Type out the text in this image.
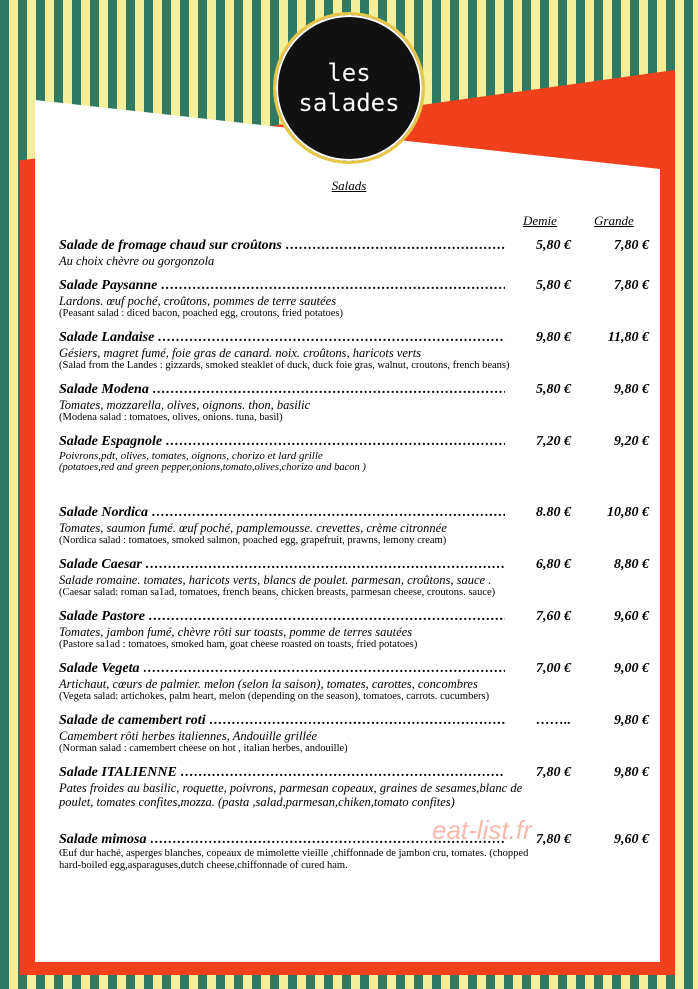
les
salades
Salads
Demie	Grande
Salade de fromage chaud sur croûtons .....	5,80 €	7,80 €
Au choix chèvre ou gorgonzola
Salade Paysanne .....	5,80 €	7,80 €
Lardons. œuf poché, croûtons, pommes de terre sautées
(Peasant salad : diced bacon, poached egg, croutons, fried potatoes)
Salade Landaise .....	9,80 €	11,80 €
Gésiers, magret fumé, foie gras de canard. noix. croûtons, haricots verts
(Salad from the Landes : gizzards, smoked steaklet of duck, duck foie gras, walnut, croutons, french beans)
Salade Modena .....	5,80 €	9,80 €
Tomates, mozzarella, olives, oignons. thon, basilic
(Modena salad : tomatoes, olives, onions. tuna, basil)
Salade Espagnole .....	7,20 €	9,20 €
Poivrons,pdt, olives, tomates, oignons, chorizo et lard grille
(potatoes,red and green pepper,onions,tomato,olives,chorizo and bacon )
Salade Nordica .....	8.80 €	10,80 €
Tomates, saumon fumé. œuf poché, pamplemousse. crevettes, crème citronnée
(Nordica salad : tomatoes, smoked salmon, poached egg, grapefruit, prawns, lemony cream)
Salade Caesar .....	6,80 €	8,80 €
Salade romaine. tomates, haricots verts, blancs de poulet. parmesan, croûtons, sauce .
(Caesar salad: roman sa1ad, tomatoes, french beans, chicken breasts, parmesan cheese, croutons. sauce)
Salade Pastore .....	7,60 €	9,60 €
Tomates, jambon fumé, chèvre rôti sur toasts, pomme de terres sautées
(Pastore sa1ad : tomatoes, smoked ham, goat cheese roasted on toasts, fried potatoes)
Salade Vegeta .....	7,00 €	9,00 €
Artichaut, cœurs de palmier. melon (selon la saison), tomates, carottes, concombres
(Vegeta salad: artichokes, palm heart, melon (depending on the season), tomatoes, carrots. cucumbers)
Salade de camembert roti .....	……..	9,80 €
Camembert rôti herbes italiennes, Andouille grillée
(Norman salad : camembert cheese on hot , italian herbes, andouille)
Salade ITALIENNE .....	7,80 €	9,80 €
Pates froides au basilic, roquette, poivrons, parmesan copeaux, graines de sesames,blanc de poulet, tomates confites,mozza. (pasta ,salad,parmesan,chiken,tomato confites)
Salade mimosa .....	7,80 €	9,60 €
Œuf dur haché, asperges blanches, copeaux de mimolette vieille ,chiffonnade de jambon cru, tomates. (chopped hard-boiled egg,asparaguses,dutch cheese,chiffonnade of cured ham.
eat-list.fr
